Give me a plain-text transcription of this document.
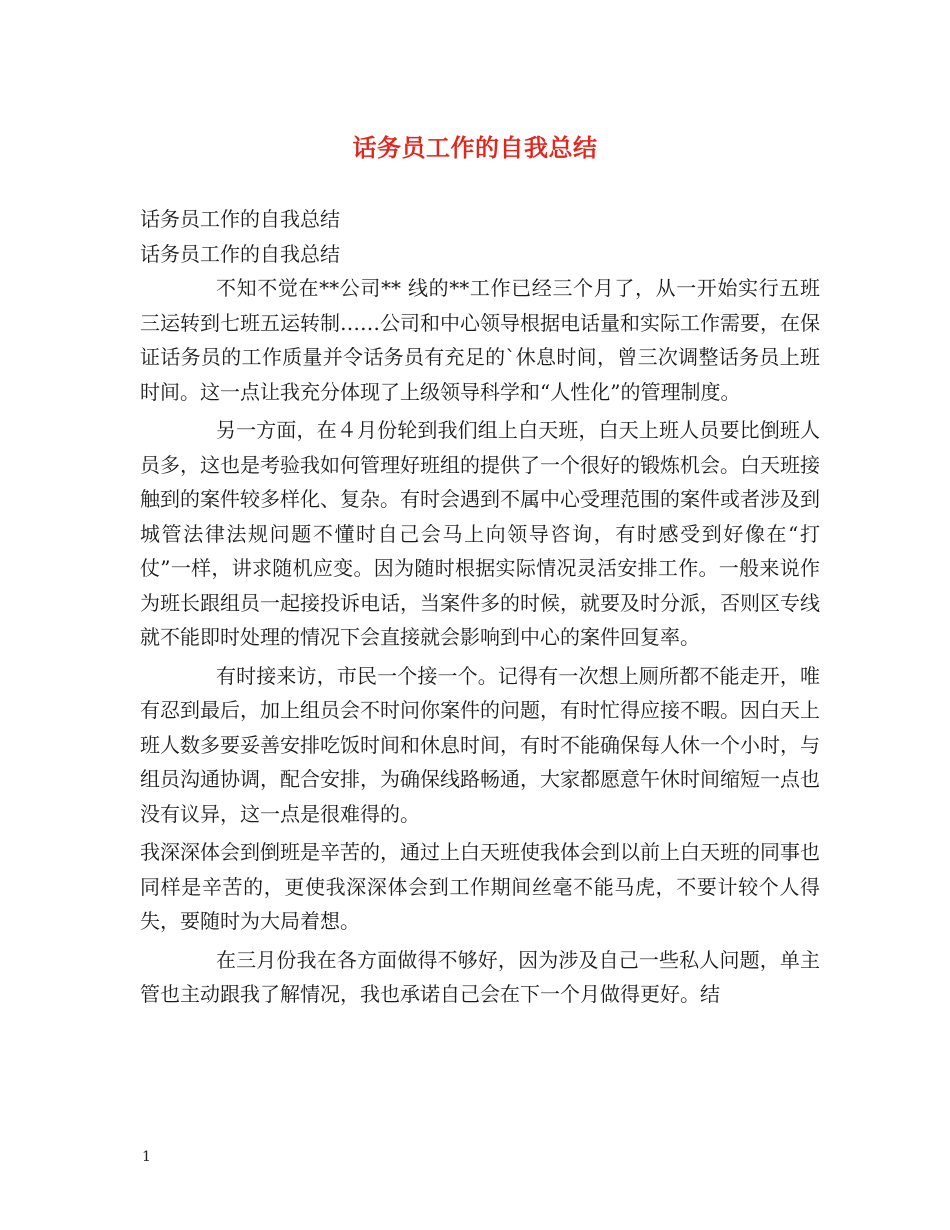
话务员工作的自我总结

话务员工作的自我总结

话务员工作的自我总结

不知不觉在**公司** 线的**工作已经三个月了，从一开始实行五班三运转到七班五运转制……公司和中心领导根据电话量和实际工作需要，在保证话务员的工作质量并令话务员有充足的`休息时间，曾三次调整话务员上班时间。这一点让我充分体现了上级领导科学和“人性化”的管理制度。

另一方面，在４月份轮到我们组上白天班，白天上班人员要比倒班人员多，这也是考验我如何管理好班组的提供了一个很好的锻炼机会。白天班接触到的案件较多样化、复杂。有时会遇到不属中心受理范围的案件或者涉及到城管法律法规问题不懂时自己会马上向领导咨询，有时感受到好像在“打仗”一样，讲求随机应变。因为随时根据实际情况灵活安排工作。一般来说作为班长跟组员一起接投诉电话，当案件多的时候，就要及时分派，否则区专线就不能即时处理的情况下会直接就会影响到中心的案件回复率。

有时接来访，市民一个接一个。记得有一次想上厕所都不能走开，唯有忍到最后，加上组员会不时问你案件的问题，有时忙得应接不暇。因白天上班人数多要妥善安排吃饭时间和休息时间，有时不能确保每人休一个小时，与组员沟通协调，配合安排，为确保线路畅通，大家都愿意午休时间缩短一点也没有议异，这一点是很难得的。

我深深体会到倒班是辛苦的，通过上白天班使我体会到以前上白天班的同事也同样是辛苦的，更使我深深体会到工作期间丝毫不能马虎，不要计较个人得失，要随时为大局着想。

在三月份我在各方面做得不够好，因为涉及自己一些私人问题，单主管也主动跟我了解情况，我也承诺自己会在下一个月做得更好。结

1
